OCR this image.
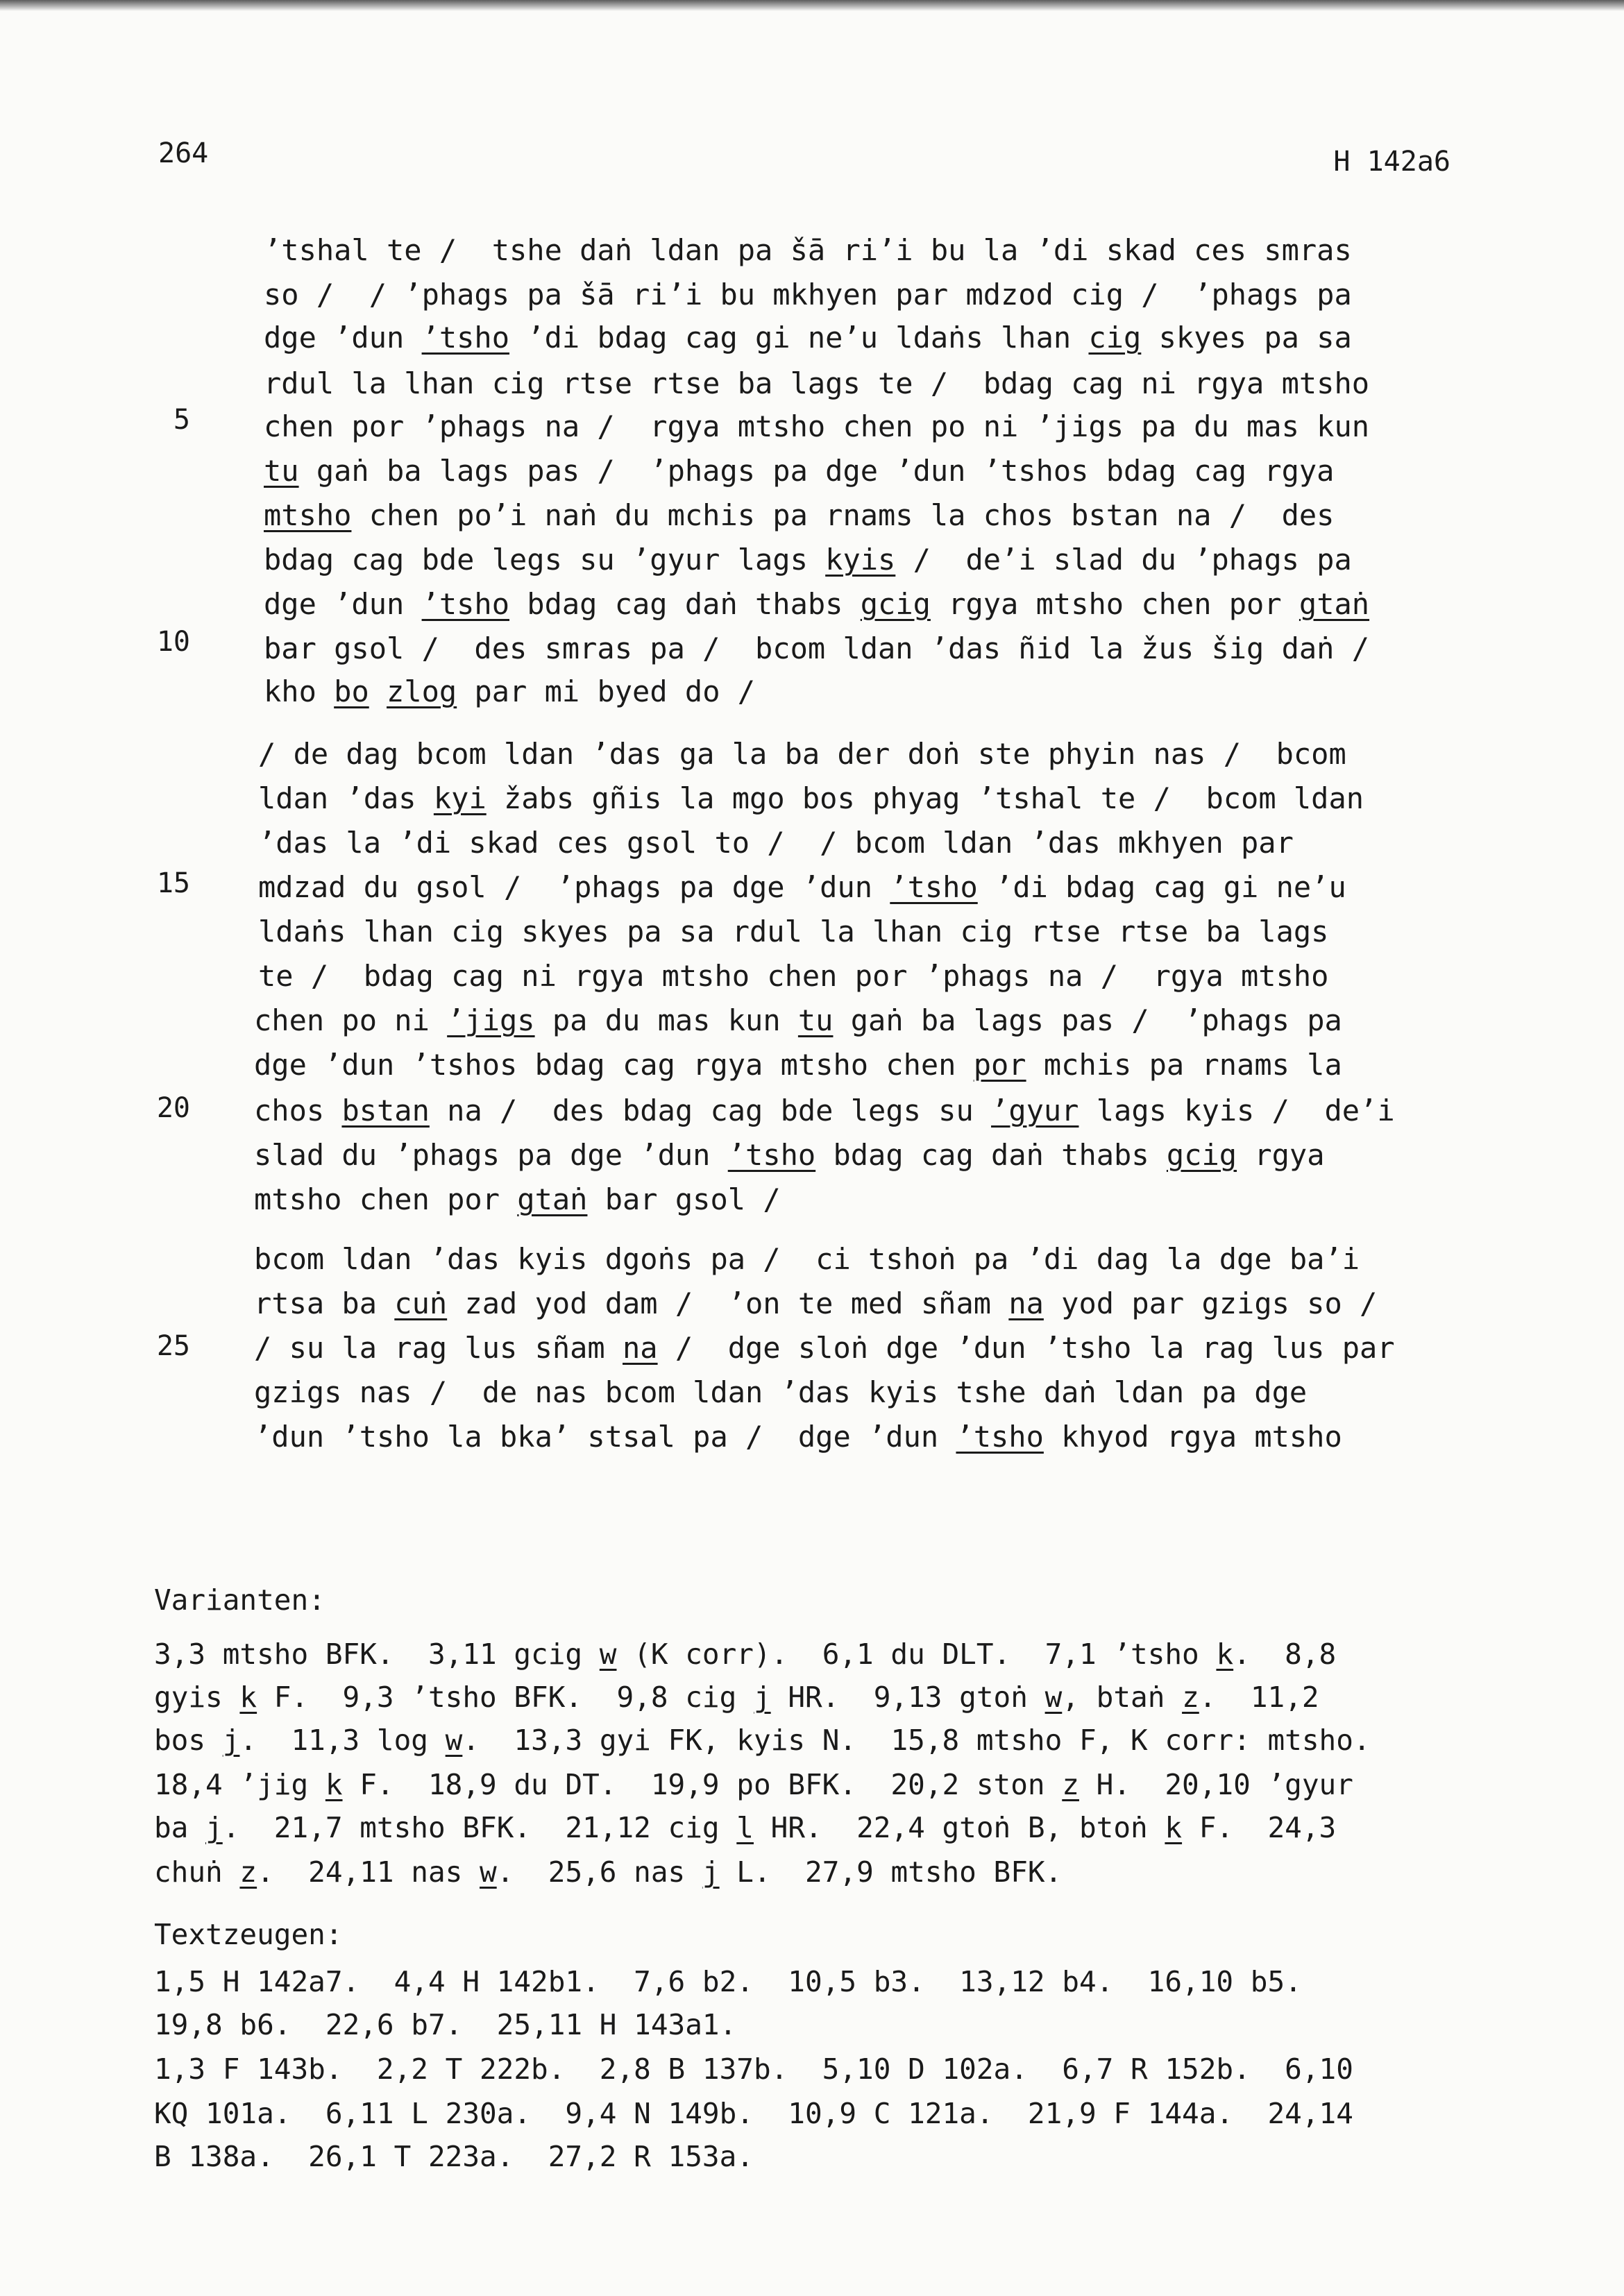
264	H 142a6
5
10
15
20
25
’tshal te /  tshe daṅ ldan pa šā ri’i bu la ’di skad ces smras
so /  / ’phags pa šā ri’i bu mkhyen par mdzod cig /  ’phags pa
dge ’dun ’tsho ’di bdag cag gi ne’u ldaṅs lhan cig skyes pa sa
rdul la lhan cig rtse rtse ba lags te /  bdag cag ni rgya mtsho
chen por ’phags na /  rgya mtsho chen po ni ’jigs pa du mas kun
tu gaṅ ba lags pas /  ’phags pa dge ’dun ’tshos bdag cag rgya
mtsho chen po’i naṅ du mchis pa rnams la chos bstan na /  des
bdag cag bde legs su ’gyur lags kyis /  de’i slad du ’phags pa
dge ’dun ’tsho bdag cag daṅ thabs gcig rgya mtsho chen por gtaṅ
bar gsol /  des smras pa /  bcom ldan ’das ñid la žus šig daṅ /
kho bo zlog par mi byed do /
/ de dag bcom ldan ’das ga la ba der doṅ ste phyin nas /  bcom
ldan ’das kyi žabs gñis la mgo bos phyag ’tshal te /  bcom ldan
’das la ’di skad ces gsol to /  / bcom ldan ’das mkhyen par
mdzad du gsol /  ’phags pa dge ’dun ’tsho ’di bdag cag gi ne’u
ldaṅs lhan cig skyes pa sa rdul la lhan cig rtse rtse ba lags
te /  bdag cag ni rgya mtsho chen por ’phags na /  rgya mtsho
chen po ni ’jigs pa du mas kun tu gaṅ ba lags pas /  ’phags pa
dge ’dun ’tshos bdag cag rgya mtsho chen por mchis pa rnams la
chos bstan na /  des bdag cag bde legs su ’gyur lags kyis /  de’i
slad du ’phags pa dge ’dun ’tsho bdag cag daṅ thabs gcig rgya
mtsho chen por gtaṅ bar gsol /
bcom ldan ’das kyis dgoṅs pa /  ci tshoṅ pa ’di dag la dge ba’i
rtsa ba cuṅ zad yod dam /  ’on te med sñam na yod par gzigs so /
/ su la rag lus sñam na /  dge sloṅ dge ’dun ’tsho la rag lus par
gzigs nas /  de nas bcom ldan ’das kyis tshe daṅ ldan pa dge
’dun ’tsho la bka’ stsal pa /  dge ’dun ’tsho khyod rgya mtsho
Varianten:
3,3 mtsho BFK.  3,11 gcig w (K corr).  6,1 du DLT.  7,1 ’tsho k.  8,8
gyis k F.  9,3 ’tsho BFK.  9,8 cig j HR.  9,13 gtoṅ w, btaṅ z.  11,2
bos j.  11,3 log w.  13,3 gyi FK, kyis N.  15,8 mtsho F, K corr: mtsho.
18,4 ’jig k F.  18,9 du DT.  19,9 po BFK.  20,2 ston z H.  20,10 ’gyur
ba j.  21,7 mtsho BFK.  21,12 cig l HR.  22,4 gtoṅ B, btoṅ k F.  24,3
chuṅ z.  24,11 nas w.  25,6 nas j L.  27,9 mtsho BFK.
Textzeugen:
1,5 H 142a7.  4,4 H 142b1.  7,6 b2.  10,5 b3.  13,12 b4.  16,10 b5.
19,8 b6.  22,6 b7.  25,11 H 143a1.
1,3 F 143b.  2,2 T 222b.  2,8 B 137b.  5,10 D 102a.  6,7 R 152b.  6,10
KQ 101a.  6,11 L 230a.  9,4 N 149b.  10,9 C 121a.  21,9 F 144a.  24,14
B 138a.  26,1 T 223a.  27,2 R 153a.
